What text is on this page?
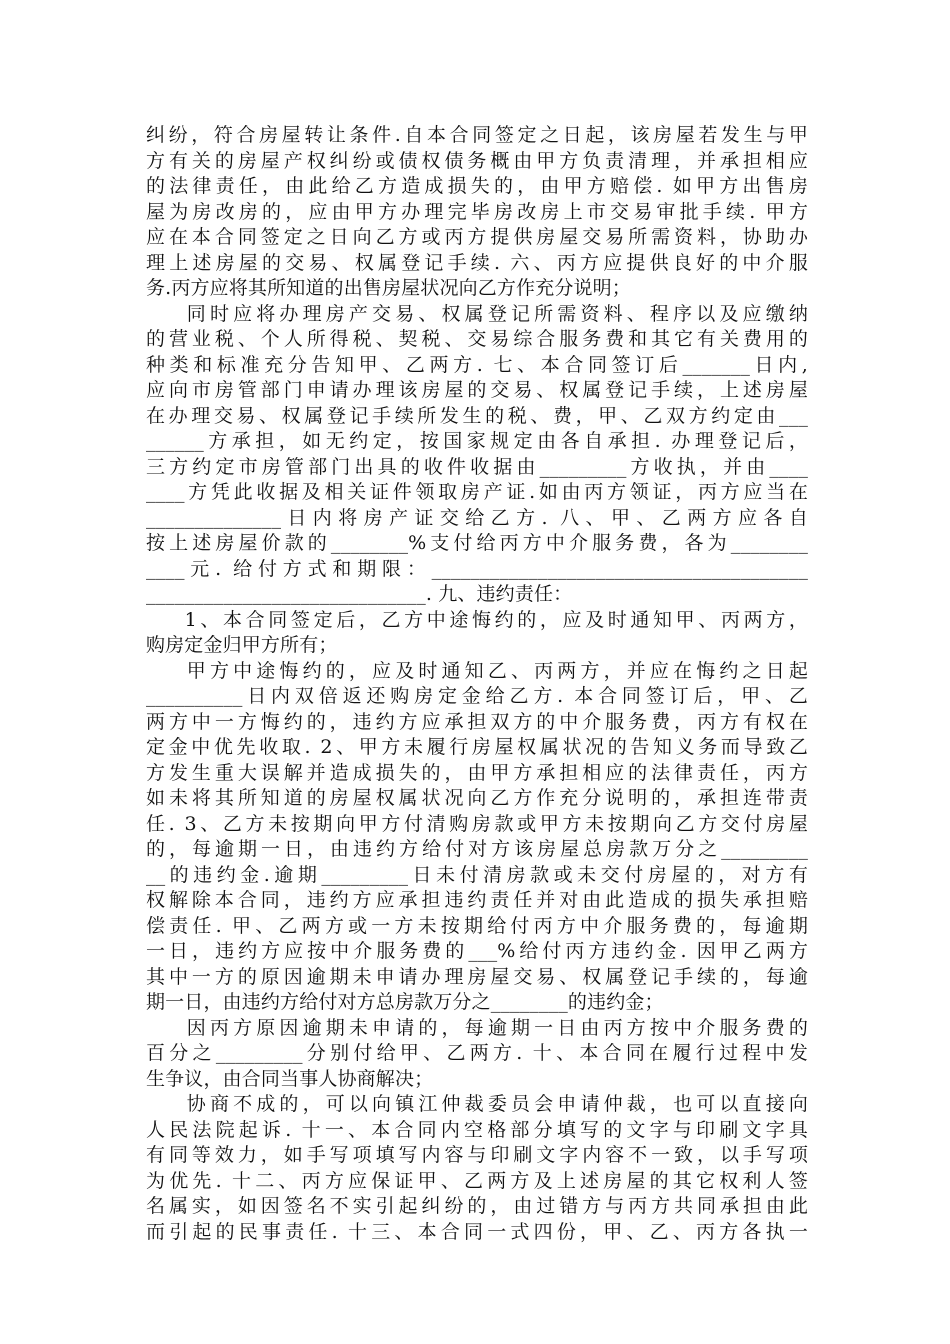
纠纷，符合房屋转让条件.自本合同签定之日起，该房屋若发生与甲
方有关的房屋产权纠纷或债权债务概由甲方负责清理，并承担相应
的法律责任，由此给乙方造成损失的，由甲方赔偿. 如甲方出售房
屋为房改房的，应由甲方办理完毕房改房上市交易审批手续. 甲方
应在本合同签定之日向乙方或丙方提供房屋交易所需资料，协助办
理上述房屋的交易、权属登记手续. 六、丙方应提供良好的中介服
务.丙方应将其所知道的出售房屋状况向乙方作充分说明；
同时应将办理房产交易、权属登记所需资料、程序以及应缴纳
的营业税、个人所得税、契税、交易综合服务费和其它有关费用的
种类和标准充分告知甲、乙两方. 七、本合同签订后_______日内,
应向市房管部门申请办理该房屋的交易、权属登记手续，上述房屋
在办理交易、权属登记手续所发生的税、费，甲、乙双方约定由___
______方承担，如无约定，按国家规定由各自承担. 办理登记后，
三方约定市房管部门出具的收件收据由_________方收执，并由____
____方凭此收据及相关证件领取房产证.如由丙方领证，丙方应当在
______________日内将房产证交给乙方. 八、甲、乙两方应各自
按上述房屋价款的________%支付给丙方中介服务费，各为________
____元. 给付方式和期限：_______________________________________
_____________________________. 九、违约责任：
1、本合同签定后，乙方中途悔约的，应及时通知甲、丙两方，
购房定金归甲方所有；
甲方中途悔约的，应及时通知乙、丙两方，并应在悔约之日起
__________日内双倍返还购房定金给乙方. 本合同签订后，甲、乙
两方中一方悔约的，违约方应承担双方的中介服务费，丙方有权在
定金中优先收取. 2、甲方未履行房屋权属状况的告知义务而导致乙
方发生重大误解并造成损失的，由甲方承担相应的法律责任，丙方
如未将其所知道的房屋权属状况向乙方作充分说明的，承担连带责
任. 3、乙方未按期向甲方付清购房款或甲方未按期向乙方交付房屋
的，每逾期一日，由违约方给付对方该房屋总房款万分之_________
__的违约金.逾期_________日未付清房款或未交付房屋的，对方有
权解除本合同，违约方应承担违约责任并对由此造成的损失承担赔
偿责任. 甲、乙两方或一方未按期给付丙方中介服务费的，每逾期
一日，违约方应按中介服务费的___%给付丙方违约金. 因甲乙两方
其中一方的原因逾期未申请办理房屋交易、权属登记手续的，每逾
期一日，由违约方给付对方总房款万分之________的违约金；
因丙方原因逾期未申请的，每逾期一日由丙方按中介服务费的
百分之_________分别付给甲、乙两方. 十、本合同在履行过程中发
生争议，由合同当事人协商解决；
协商不成的，可以向镇江仲裁委员会申请仲裁，也可以直接向
人民法院起诉. 十一、本合同内空格部分填写的文字与印刷文字具
有同等效力，如手写项填写内容与印刷文字内容不一致，以手写项
为优先. 十二、丙方应保证甲、乙两方及上述房屋的其它权利人签
名属实，如因签名不实引起纠纷的，由过错方与丙方共同承担由此
而引起的民事责任. 十三、本合同一式四份，甲、乙、丙方各执一
